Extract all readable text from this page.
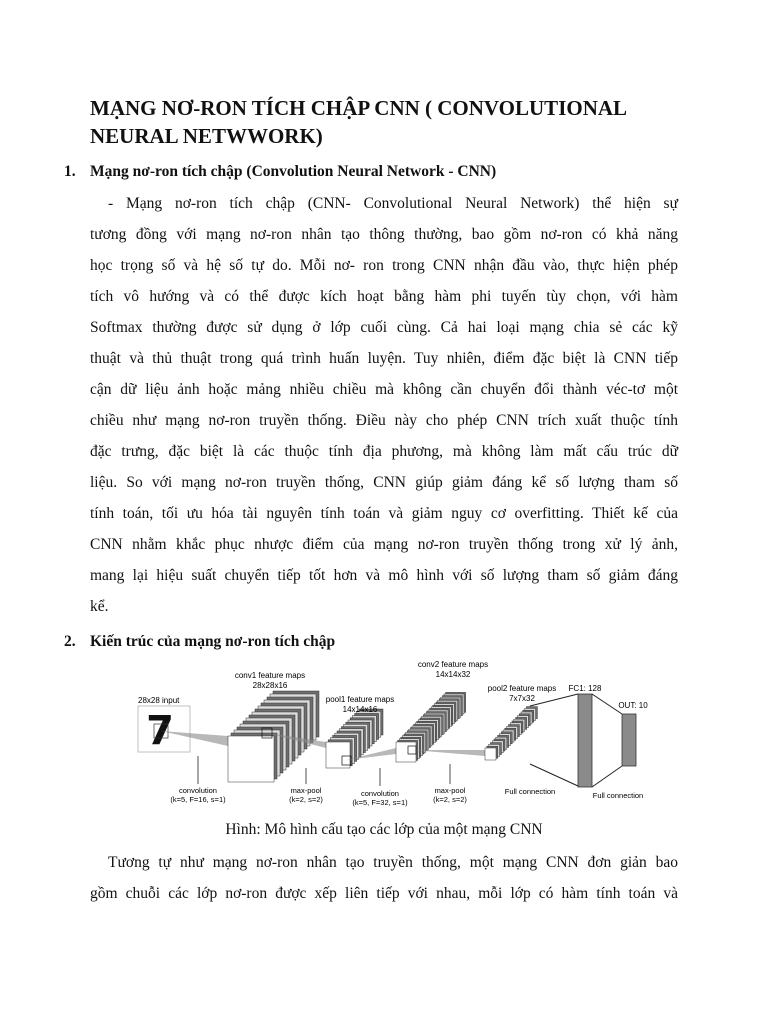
MẠNG NƠ-RON TÍCH CHẬP CNN ( CONVOLUTIONAL NEURAL NETWWORK)

1. Mạng nơ-ron tích chập (Convolution Neural Network - CNN)

- Mạng nơ-ron tích chập (CNN- Convolutional Neural Network) thể hiện sự
tương đồng với mạng nơ-ron nhân tạo thông thường, bao gồm nơ-ron có khả năng
học trọng số và hệ số tự do. Mỗi nơ- ron trong CNN nhận đầu vào, thực hiện phép
tích vô hướng và có thể được kích hoạt bằng hàm phi tuyến tùy chọn, với hàm
Softmax thường được sử dụng ở lớp cuối cùng. Cả hai loại mạng chia sẻ các kỹ
thuật và thủ thuật trong quá trình huấn luyện. Tuy nhiên, điểm đặc biệt là CNN tiếp
cận dữ liệu ảnh hoặc mảng nhiều chiều mà không cần chuyển đổi thành véc-tơ một
chiều như mạng nơ-ron truyền thống. Điều này cho phép CNN trích xuất thuộc tính
đặc trưng, đặc biệt là các thuộc tính địa phương, mà không làm mất cấu trúc dữ
liệu. So với mạng nơ-ron truyền thống, CNN giúp giảm đáng kể số lượng tham số
tính toán, tối ưu hóa tài nguyên tính toán và giảm nguy cơ overfitting. Thiết kế của
CNN nhằm khắc phục nhược điểm của mạng nơ-ron truyền thống trong xử lý ảnh,
mang lại hiệu suất chuyển tiếp tốt hơn và mô hình với số lượng tham số giảm đáng
kể.

2. Kiến trúc của mạng nơ-ron tích chập

7
28x28 input
conv1 feature maps
28x28x16
pool1 feature maps
14x14x16
conv2 feature maps
14x14x32
pool2 feature maps
7x7x32
FC1: 128
OUT: 10
convolution
(k=5, F=16, s=1)
max-pool
(k=2, s=2)
convolution
(k=5, F=32, s=1)
max-pool
(k=2, s=2)
Full connection	Full connection
Hình: Mô hình cấu tạo các lớp của một mạng CNN
Tương tự như mạng nơ-ron nhân tạo truyền thống, một mạng CNN đơn giản bao
gồm chuỗi các lớp nơ-ron được xếp liên tiếp với nhau, mỗi lớp có hàm tính toán và
